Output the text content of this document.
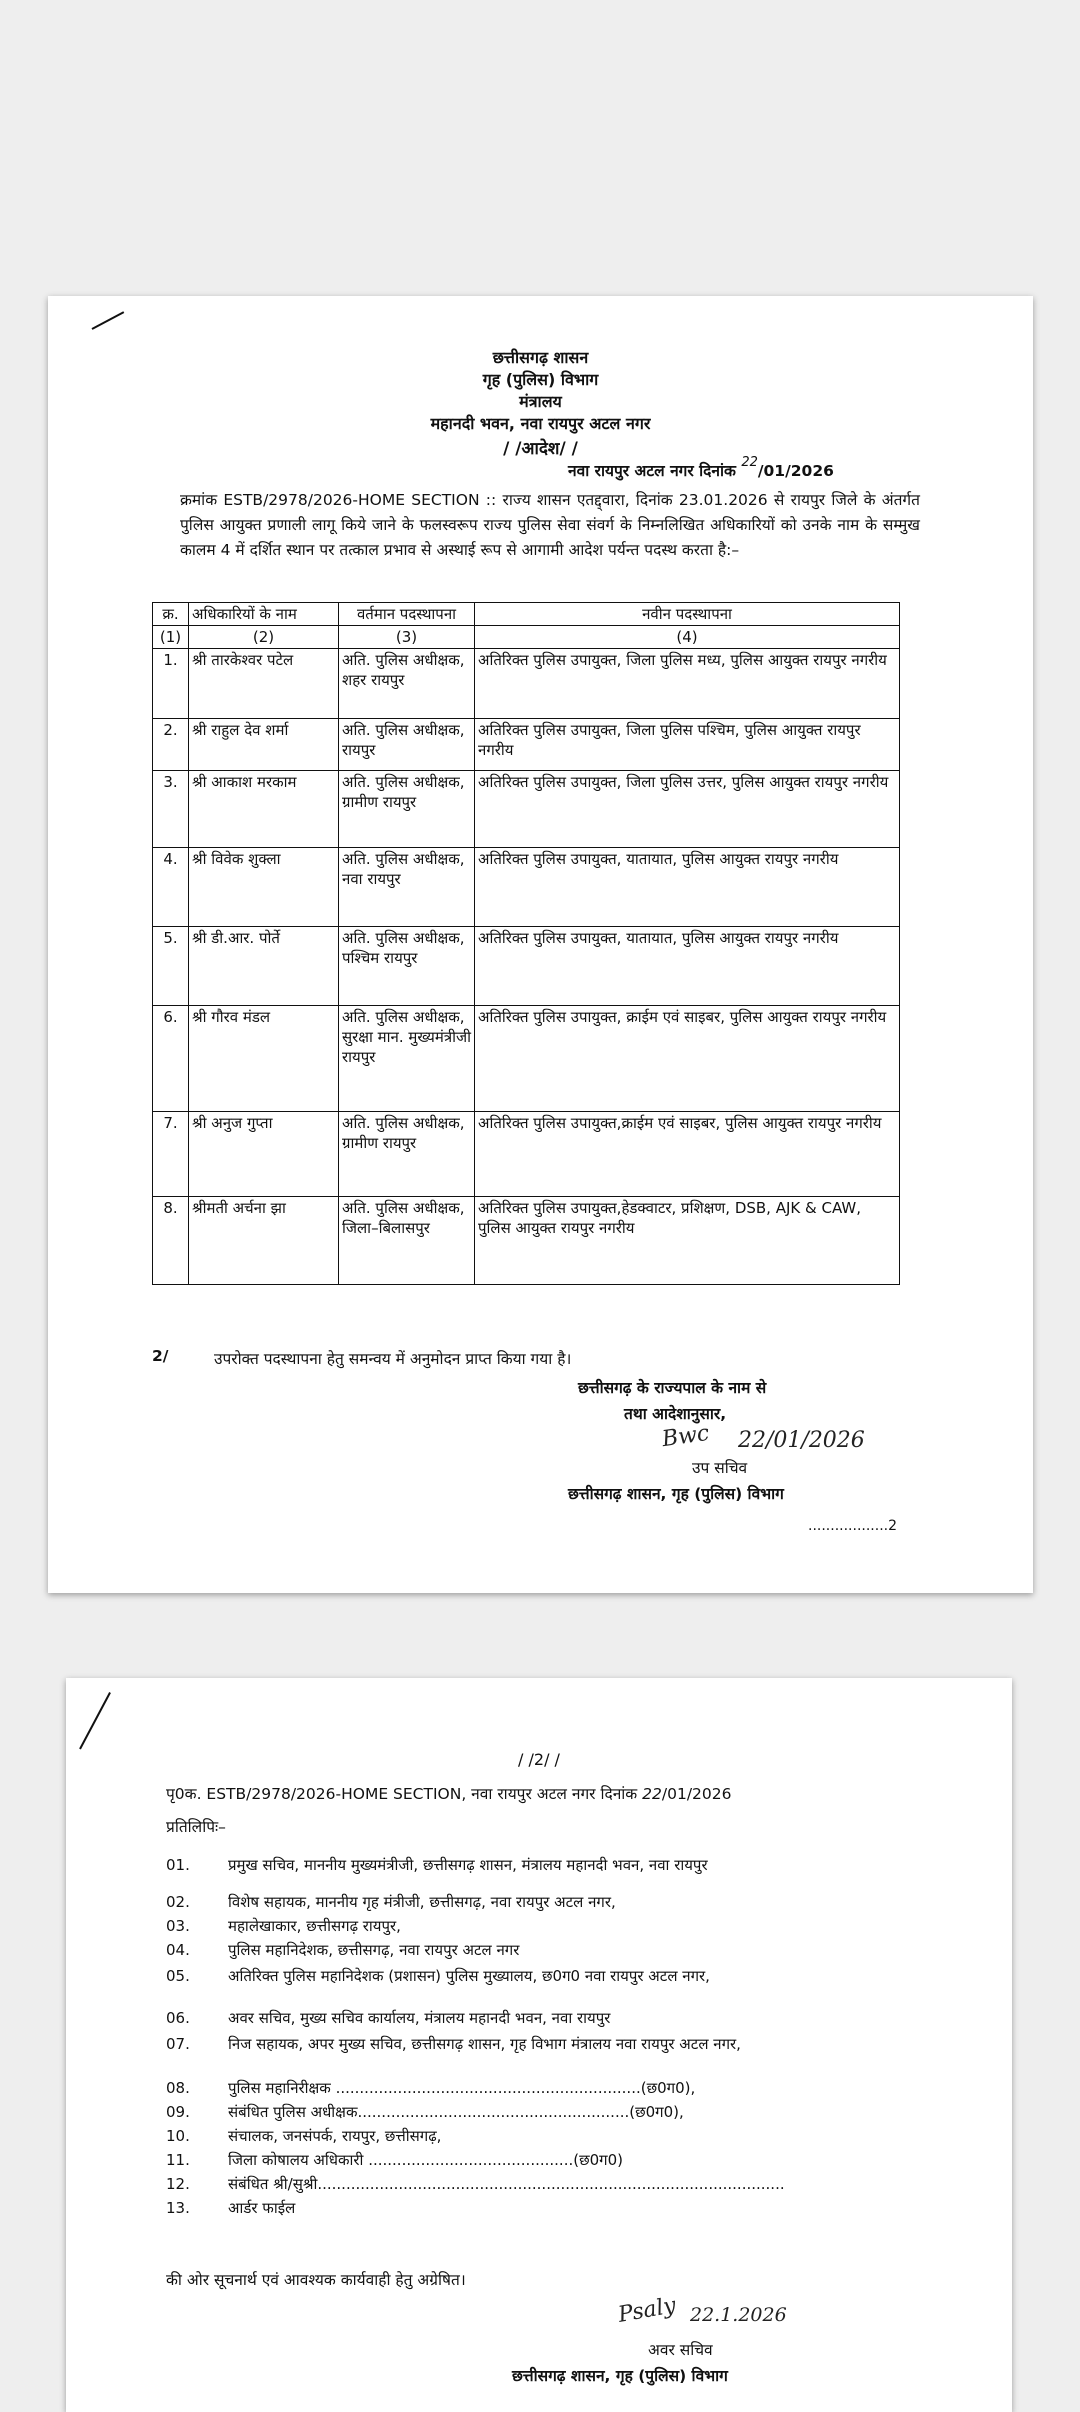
छत्तीसगढ़ शासन
गृह (पुलिस) विभाग
मंत्रालय
महानदी भवन, नवा रायपुर अटल नगर
/ /आदेश/ /
नवा रायपुर अटल नगर दिनांक $^{22}$/01/2026
क्रमांक ESTB/2978/2026-HOME SECTION :: राज्य शासन एतद्द्वारा, दिनांक 23.01.2026 से रायपुर जिले के अंतर्गत पुलिस आयुक्त प्रणाली लागू किये जाने के फलस्वरूप राज्य पुलिस सेवा संवर्ग के निम्नलिखित अधिकारियों को उनके नाम के सम्मुख कालम 4 में दर्शित स्थान पर तत्काल प्रभाव से अस्थाई रूप से आगामी आदेश पर्यन्त पदस्थ करता है:–
क्र.	अधिकारियों के नाम	वर्तमान पदस्थापना	नवीन पदस्थापना
(1)	(2)	(3)	(4)
1.	श्री तारकेश्वर पटेल	अति. पुलिस अधीक्षक, शहर रायपुर	अतिरिक्त पुलिस उपायुक्त, जिला पुलिस मध्य, पुलिस आयुक्त रायपुर नगरीय
2.	श्री राहुल देव शर्मा	अति. पुलिस अधीक्षक, रायपुर	अतिरिक्त पुलिस उपायुक्त, जिला पुलिस पश्चिम, पुलिस आयुक्त रायपुर नगरीय
3.	श्री आकाश मरकाम	अति. पुलिस अधीक्षक, ग्रामीण रायपुर	अतिरिक्त पुलिस उपायुक्त, जिला पुलिस उत्तर, पुलिस आयुक्त रायपुर नगरीय
4.	श्री विवेक शुक्ला	अति. पुलिस अधीक्षक, नवा रायपुर	अतिरिक्त पुलिस उपायुक्त, यातायात, पुलिस आयुक्त रायपुर नगरीय
5.	श्री डी.आर. पोर्ते	अति. पुलिस अधीक्षक, पश्चिम रायपुर	अतिरिक्त पुलिस उपायुक्त, यातायात, पुलिस आयुक्त रायपुर नगरीय
6.	श्री गौरव मंडल	अति. पुलिस अधीक्षक, सुरक्षा मान. मुख्यमंत्रीजी रायपुर	अतिरिक्त पुलिस उपायुक्त, क्राईम एवं साइबर, पुलिस आयुक्त रायपुर नगरीय
7.	श्री अनुज गुप्ता	अति. पुलिस अधीक्षक, ग्रामीण रायपुर	अतिरिक्त पुलिस उपायुक्त,क्राईम एवं साइबर, पुलिस आयुक्त रायपुर नगरीय
8.	श्रीमती अर्चना झा	अति. पुलिस अधीक्षक, जिला–बिलासपुर	अतिरिक्त पुलिस उपायुक्त,हेडक्वाटर, प्रशिक्षण, DSB, AJK & CAW, पुलिस आयुक्त रायपुर नगरीय
2/	उपरोक्त पदस्थापना हेतु समन्वय में अनुमोदन प्राप्त किया गया है।
छत्तीसगढ़ के राज्यपाल के नाम से
तथा आदेशानुसार,
Bwc 22/01/2026
उप सचिव
छत्तीसगढ़ शासन, गृह (पुलिस) विभाग
..................2
/ /2/ /
पृ0क. ESTB/2978/2026-HOME SECTION, नवा रायपुर अटल नगर दिनांक 22/01/2026
प्रतिलिपिः–
01.	प्रमुख सचिव, माननीय मुख्यमंत्रीजी, छत्तीसगढ़ शासन, मंत्रालय महानदी भवन, नवा रायपुर
02.	विशेष सहायक, माननीय गृह मंत्रीजी, छत्तीसगढ़, नवा रायपुर अटल नगर,
03.	महालेखाकार, छत्तीसगढ़ रायपुर,
04.	पुलिस महानिदेशक, छत्तीसगढ़, नवा रायपुर अटल नगर
05.	अतिरिक्त पुलिस महानिदेशक (प्रशासन) पुलिस मुख्यालय, छ0ग0 नवा रायपुर अटल नगर,
06.	अवर सचिव, मुख्य सचिव कार्यालय, मंत्रालय महानदी भवन, नवा रायपुर
07.	निज सहायक, अपर मुख्य सचिव, छत्तीसगढ़ शासन, गृह विभाग मंत्रालय नवा रायपुर अटल नगर,
08.	पुलिस महानिरीक्षक ................................................................(छ0ग0),
09.	संबंधित पुलिस अधीक्षक.........................................................(छ0ग0),
10.	संचालक, जनसंपर्क, रायपुर, छत्तीसगढ़,
11.	जिला कोषालय अधिकारी ...........................................(छ0ग0)
12.	संबंधित श्री/सुश्री..................................................................................................
13.	आर्डर फाईल
की ओर सूचनार्थ एवं आवश्यक कार्यवाही हेतु अग्रेषित।
Psaly 22.1.2026
अवर सचिव
छत्तीसगढ़ शासन, गृह (पुलिस) विभाग
